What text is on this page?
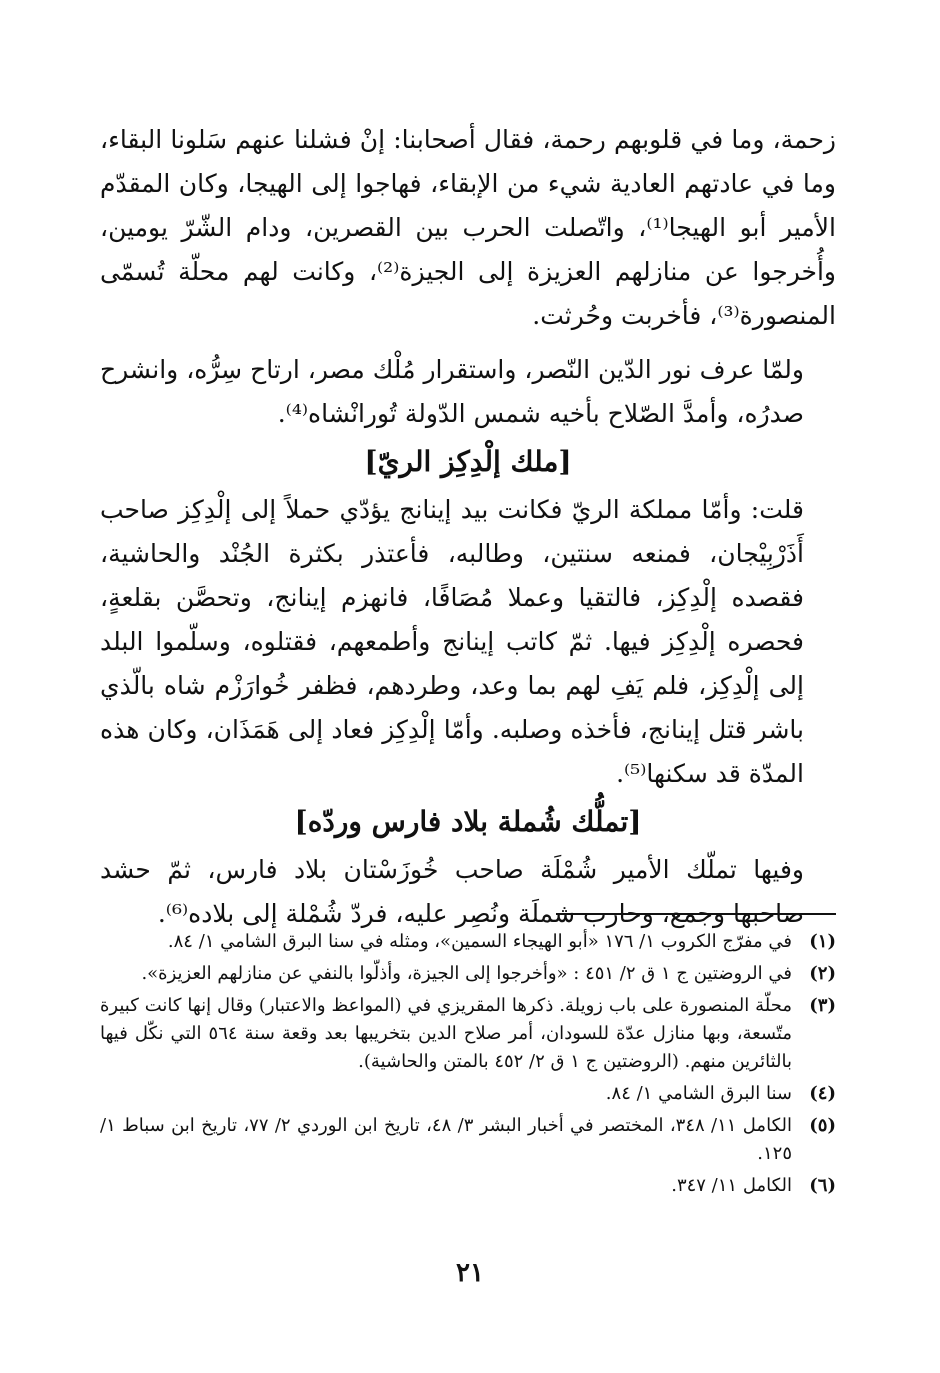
زحمة، وما في قلوبهم رحمة، فقال أصحابنا: إنْ فشلنا عنهم سَلونا البقاء، وما في عادتهم العادية شيء من الإبقاء، فهاجوا إلى الهيجا، وكان المقدّم الأمير أبو الهيجا⁽¹⁾، واتّصلت الحرب بين القصرين، ودام الشّرّ يومين، وأُخرجوا عن منازلهم العزيزة إلى الجيزة⁽²⁾، وكانت لهم محلّة تُسمّى المنصورة⁽³⁾، فأخربت وحُرثت.

ولمّا عرف نور الدّين النّصر، واستقرار مُلْك مصر، ارتاح سِرُّه، وانشرح صدرُه، وأمدَّ الصّلاح بأخيه شمس الدّولة تُورانْشاه⁽⁴⁾.

[ملك إلْدِكِز الريّ]

قلت: وأمّا مملكة الريّ فكانت بيد إينانج يؤدّي حملاً إلى إلْدِكِز صاحب أَذَرْبِيْجان، فمنعه سنتين، وطالبه، فأعتذر بكثرة الجُنْد والحاشية، فقصده إلْدِكِز، فالتقيا وعملا مُصَافًا، فانهزم إينانج، وتحصَّن بقلعةٍ، فحصره إلْدِكِز فيها. ثمّ كاتب إينانج وأطمعهم، فقتلوه، وسلّموا البلد إلى إلْدِكِز، فلم يَفِ لهم بما وعد، وطردهم، فظفر خُوارَزْم شاه بالّذي باشر قتل إينانج، فأخذه وصلبه. وأمّا إلْدِكِز فعاد إلى هَمَذَان، وكان هذه المدّة قد سكنها⁽⁵⁾.

[تملُّك شُملة بلاد فارس وردّه]

وفيها تملّك الأمير شُمْلَة صاحب خُوزَسْتان بلاد فارس، ثمّ حشد صاحبها وجمع، وحارب شملَة ونُصِر عليه، فردّ شُمْلة إلى بلاده⁽⁶⁾.

(١)
في مفرّج الكروب ١/ ١٧٦ «أبو الهيجاء السمين»، ومثله في سنا البرق الشامي ١/ ٨٤.
(٢)
في الروضتين ج ١ ق ٢/ ٤٥١ : «وأخرجوا إلى الجيزة، وأذلّوا بالنفي عن منازلهم العزيزة».
(٣)
محلّة المنصورة على باب زويلة. ذكرها المقريزي في (المواعظ والاعتبار) وقال إنها كانت كبيرة متّسعة، وبها منازل عدّة للسودان، أمر صلاح الدين بتخريبها بعد وقعة سنة ٥٦٤ التي نكّل فيها بالثائرين منهم. (الروضتين ج ١ ق ٢/ ٤٥٢ بالمتن والحاشية).
(٤)
سنا البرق الشامي ١/ ٨٤.
(٥)
الكامل ١١/ ٣٤٨، المختصر في أخبار البشر ٣/ ٤٨، تاريخ ابن الوردي ٢/ ٧٧، تاريخ ابن سباط ١/ ١٢٥.
(٦)
الكامل ١١/ ٣٤٧.
٢١
